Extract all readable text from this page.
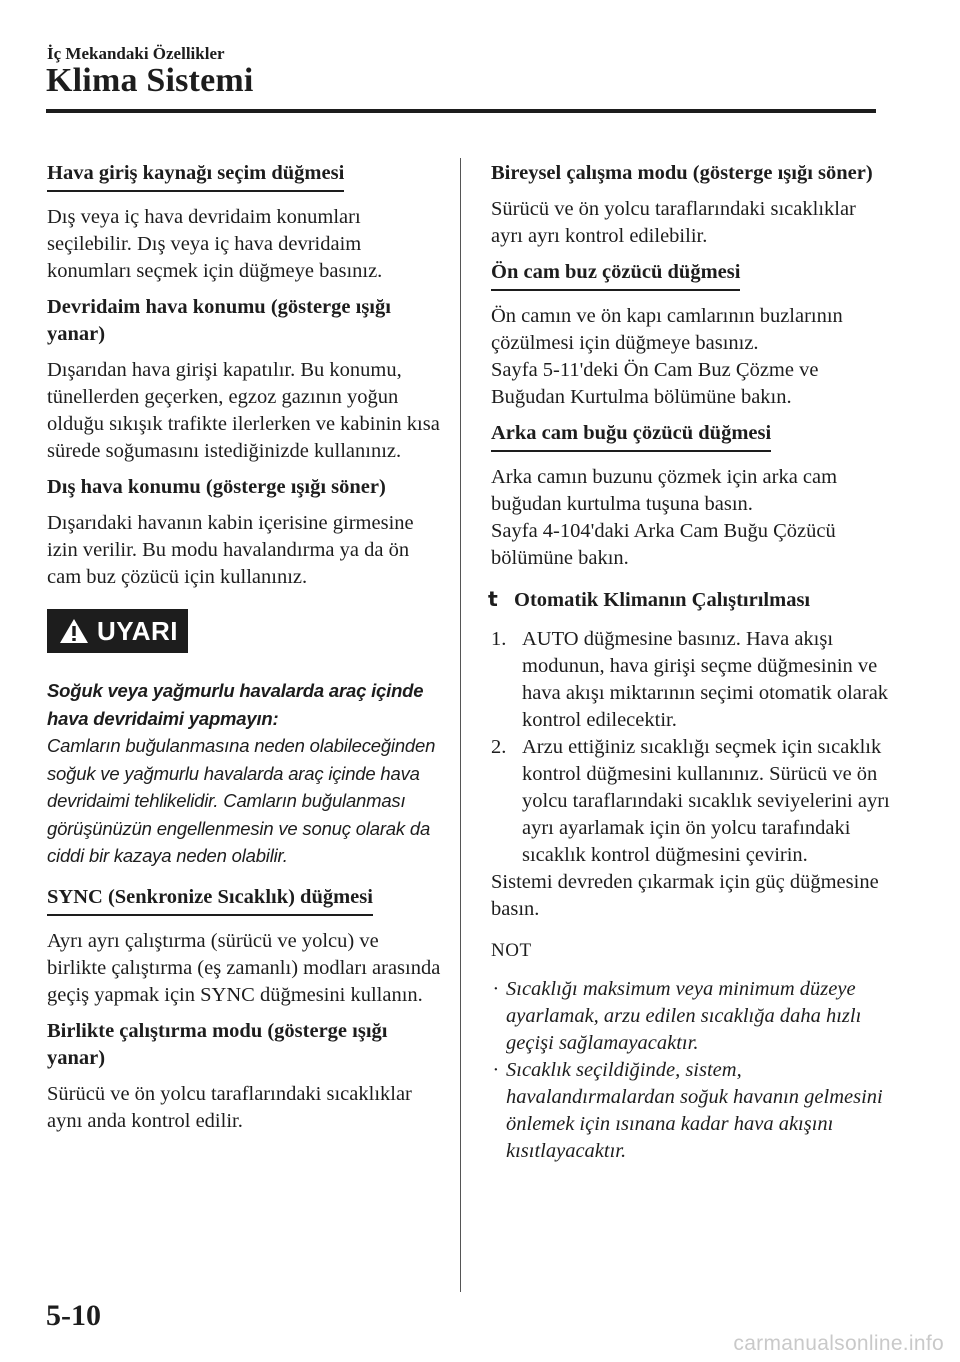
İç Mekandaki Özellikler
Klima Sistemi
Hava giriş kaynağı seçim düğmesi

Dış veya iç hava devridaim konumları seçilebilir. Dış veya iç hava devridaim konumları seçmek için düğmeye basınız.

Devridaim hava konumu (gösterge ışığı yanar)

Dışarıdan hava girişi kapatılır. Bu konumu, tünellerden geçerken, egzoz gazının yoğun olduğu sıkışık trafikte ilerlerken ve kabinin kısa sürede soğumasını istediğinizde kullanınız.

Dış hava konumu (gösterge ışığı söner)

Dışarıdaki havanın kabin içerisine girmesine izin verilir. Bu modu havalandırma ya da ön cam buz çözücü için kullanınız.

UYARI
Soğuk veya yağmurlu havalarda araç içinde hava devridaimi yapmayın:
Camların buğulanmasına neden olabileceğinden soğuk ve yağmurlu havalarda araç içinde hava devridaimi tehlikelidir. Camların buğulanması görüşünüzün engellenmesin ve sonuç olarak da ciddi bir kazaya neden olabilir.
SYNC (Senkronize Sıcaklık) düğmesi

Ayrı ayrı çalıştırma (sürücü ve yolcu) ve birlikte çalıştırma (eş zamanlı) modları arasında geçiş yapmak için SYNC düğmesini kullanın.

Birlikte çalıştırma modu (gösterge ışığı yanar)

Sürücü ve ön yolcu taraflarındaki sıcaklıklar aynı anda kontrol edilir.

Bireysel çalışma modu (gösterge ışığı söner)

Sürücü ve ön yolcu taraflarındaki sıcaklıklar ayrı ayrı kontrol edilebilir.

Ön cam buz çözücü düğmesi

Ön camın ve ön kapı camlarının buzlarının çözülmesi için düğmeye basınız.
Sayfa 5-11'deki Ön Cam Buz Çözme ve Buğudan Kurtulma bölümüne bakın.

Arka cam buğu çözücü düğmesi

Arka camın buzunu çözmek için arka cam buğudan kurtulma tuşuna basın.
Sayfa 4-104'daki Arka Cam Buğu Çözücü bölümüne bakın.

t Otomatik Klimanın Çalıştırılması
1. AUTO düğmesine basınız. Hava akışı modunun, hava girişi seçme düğmesinin ve hava akışı miktarının seçimi otomatik olarak kontrol edilecektir.
2. Arzu ettiğiniz sıcaklığı seçmek için sıcaklık kontrol düğmesini kullanınız. Sürücü ve ön yolcu taraflarındaki sıcaklık seviyelerini ayrı ayrı ayarlamak için ön yolcu tarafındaki sıcaklık kontrol düğmesini çevirin.

Sistemi devreden çıkarmak için güç düğmesine basın.

NOT
· Sıcaklığı maksimum veya minimum düzeye ayarlamak, arzu edilen sıcaklığa daha hızlı geçişi sağlamayacaktır.
· Sıcaklık seçildiğinde, sistem, havalandırmalardan soğuk havanın gelmesini önlemek için ısınana kadar hava akışını kısıtlayacaktır.
5-10
carmanualsonline.info
